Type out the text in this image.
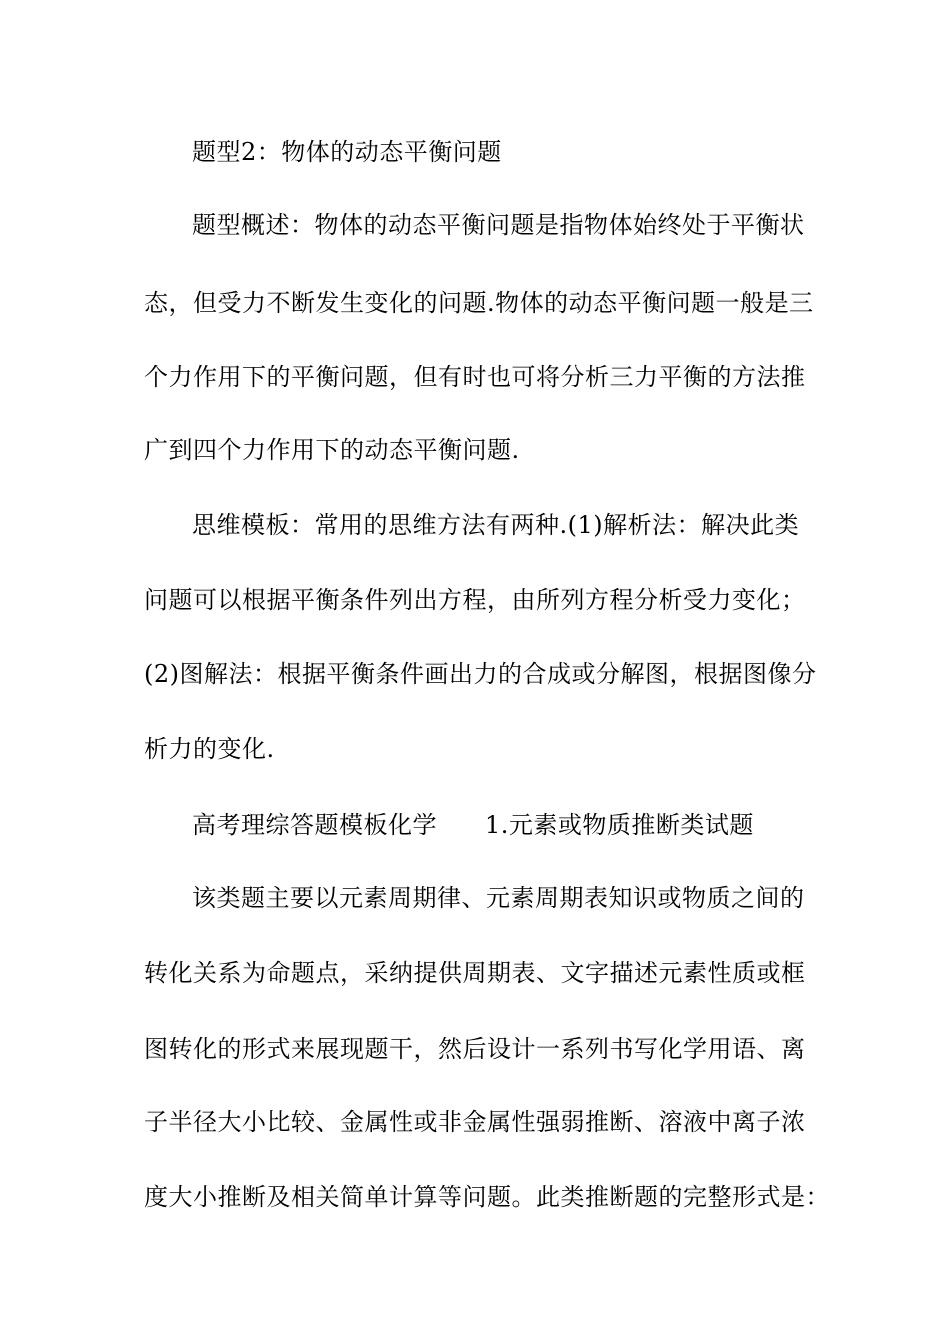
题型2：物体的动态平衡问题
题型概述：物体的动态平衡问题是指物体始终处于平衡状
态，但受力不断发生变化的问题.物体的动态平衡问题一般是三
个力作用下的平衡问题，但有时也可将分析三力平衡的方法推
广到四个力作用下的动态平衡问题.
思维模板：常用的思维方法有两种.(1)解析法：解决此类
问题可以根据平衡条件列出方程，由所列方程分析受力变化；
(2)图解法：根据平衡条件画出力的合成或分解图，根据图像分
析力的变化.
高考理综答题模板化学 1.元素或物质推断类试题
该类题主要以元素周期律、元素周期表知识或物质之间的
转化关系为命题点，采纳提供周期表、文字描述元素性质或框
图转化的形式来展现题干，然后设计一系列书写化学用语、离
子半径大小比较、金属性或非金属性强弱推断、溶液中离子浓
度大小推断及相关简单计算等问题。此类推断题的完整形式是：
